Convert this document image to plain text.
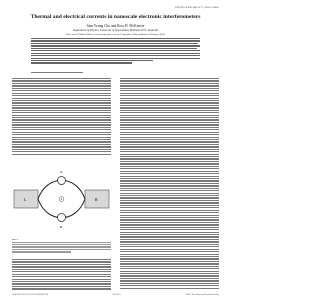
PHYSICAL REVIEW B 71, 035319 (2005)
Thermal and electrical currents in nanoscale electronic interferometers
Sam Young Cho and Ross H. McKenzie
Department of Physics, University of Queensland, Brisbane 4072, Australia
(Received 16 March 2004; revised manuscript received 2 September 2004; published 14 January 2005)
L	R
A
B
FIG. 1
1098-0121/2005/71(3)/035319(5)/$23.00	035319-1	©2005 The American Physical Society
